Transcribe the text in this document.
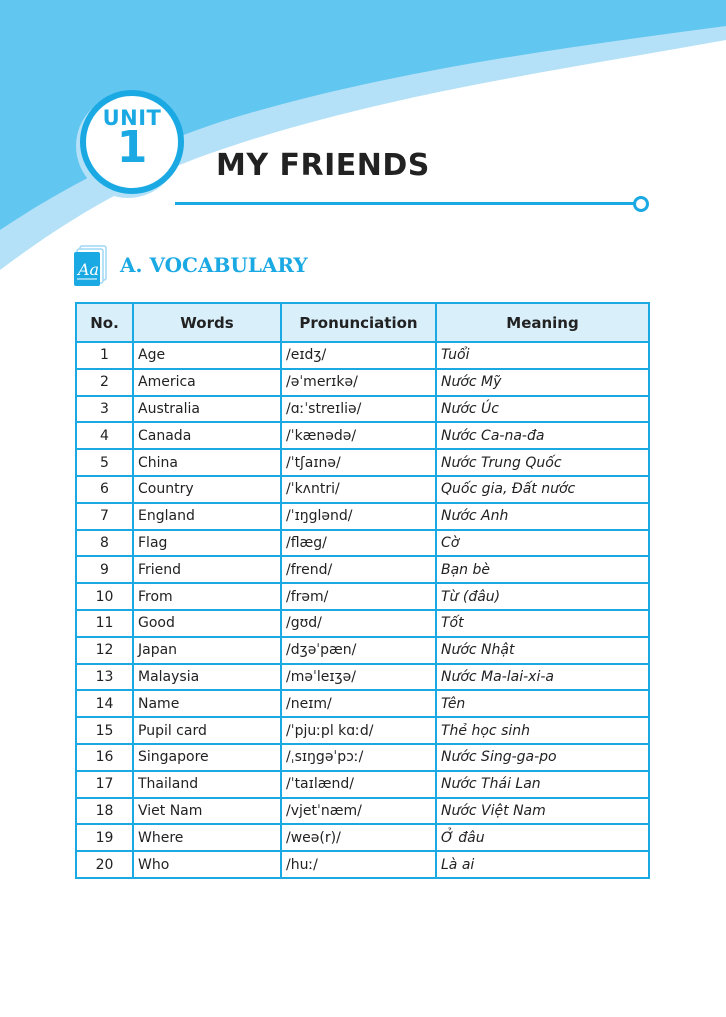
UNIT
1	MY FRIENDS
Aa A. VOCABULARY
No.	Words	Pronunciation	Meaning
1	Age	/eɪdʒ/	Tuổi
2	America	/əˈmerɪkə/	Nước Mỹ
3	Australia	/ɑːˈstreɪliə/	Nước Úc
4	Canada	/ˈkænədə/	Nước Ca-na-đa
5	China	/ˈtʃaɪnə/	Nước Trung Quốc
6	Country	/ˈkʌntri/	Quốc gia, Đất nước
7	England	/ˈɪŋglənd/	Nước Anh
8	Flag	/flæg/	Cờ
9	Friend	/frend/	Bạn bè
10	From	/frəm/	Từ (đâu)
11	Good	/gʊd/	Tốt
12	Japan	/dʒəˈpæn/	Nước Nhật
13	Malaysia	/məˈleɪʒə/	Nước Ma-lai-xi-a
14	Name	/neɪm/	Tên
15	Pupil card	/ˈpjuːpl kɑːd/	Thẻ học sinh
16	Singapore	/ˌsɪŋgəˈpɔː/	Nước Sing-ga-po
17	Thailand	/ˈtaɪlænd/	Nước Thái Lan
18	Viet Nam	/vjetˈnæm/	Nước Việt Nam
19	Where	/weə(r)/	Ở đâu
20	Who	/huː/	Là ai
